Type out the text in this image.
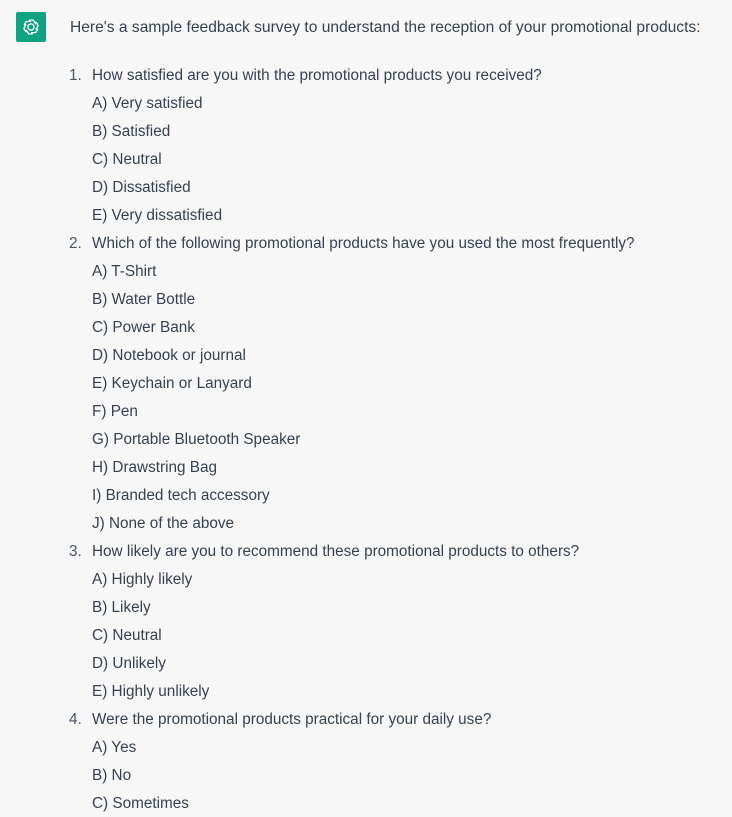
Here's a sample feedback survey to understand the reception of your promotional products:

1. How satisfied are you with the promotional products you received?
A) Very satisfied
B) Satisfied
C) Neutral
D) Dissatisfied
E) Very dissatisfied
2. Which of the following promotional products have you used the most frequently?
A) T-Shirt
B) Water Bottle
C) Power Bank
D) Notebook or journal
E) Keychain or Lanyard
F) Pen
G) Portable Bluetooth Speaker
H) Drawstring Bag
I) Branded tech accessory
J) None of the above
3. How likely are you to recommend these promotional products to others?
A) Highly likely
B) Likely
C) Neutral
D) Unlikely
E) Highly unlikely
4. Were the promotional products practical for your daily use?
A) Yes
B) No
C) Sometimes
